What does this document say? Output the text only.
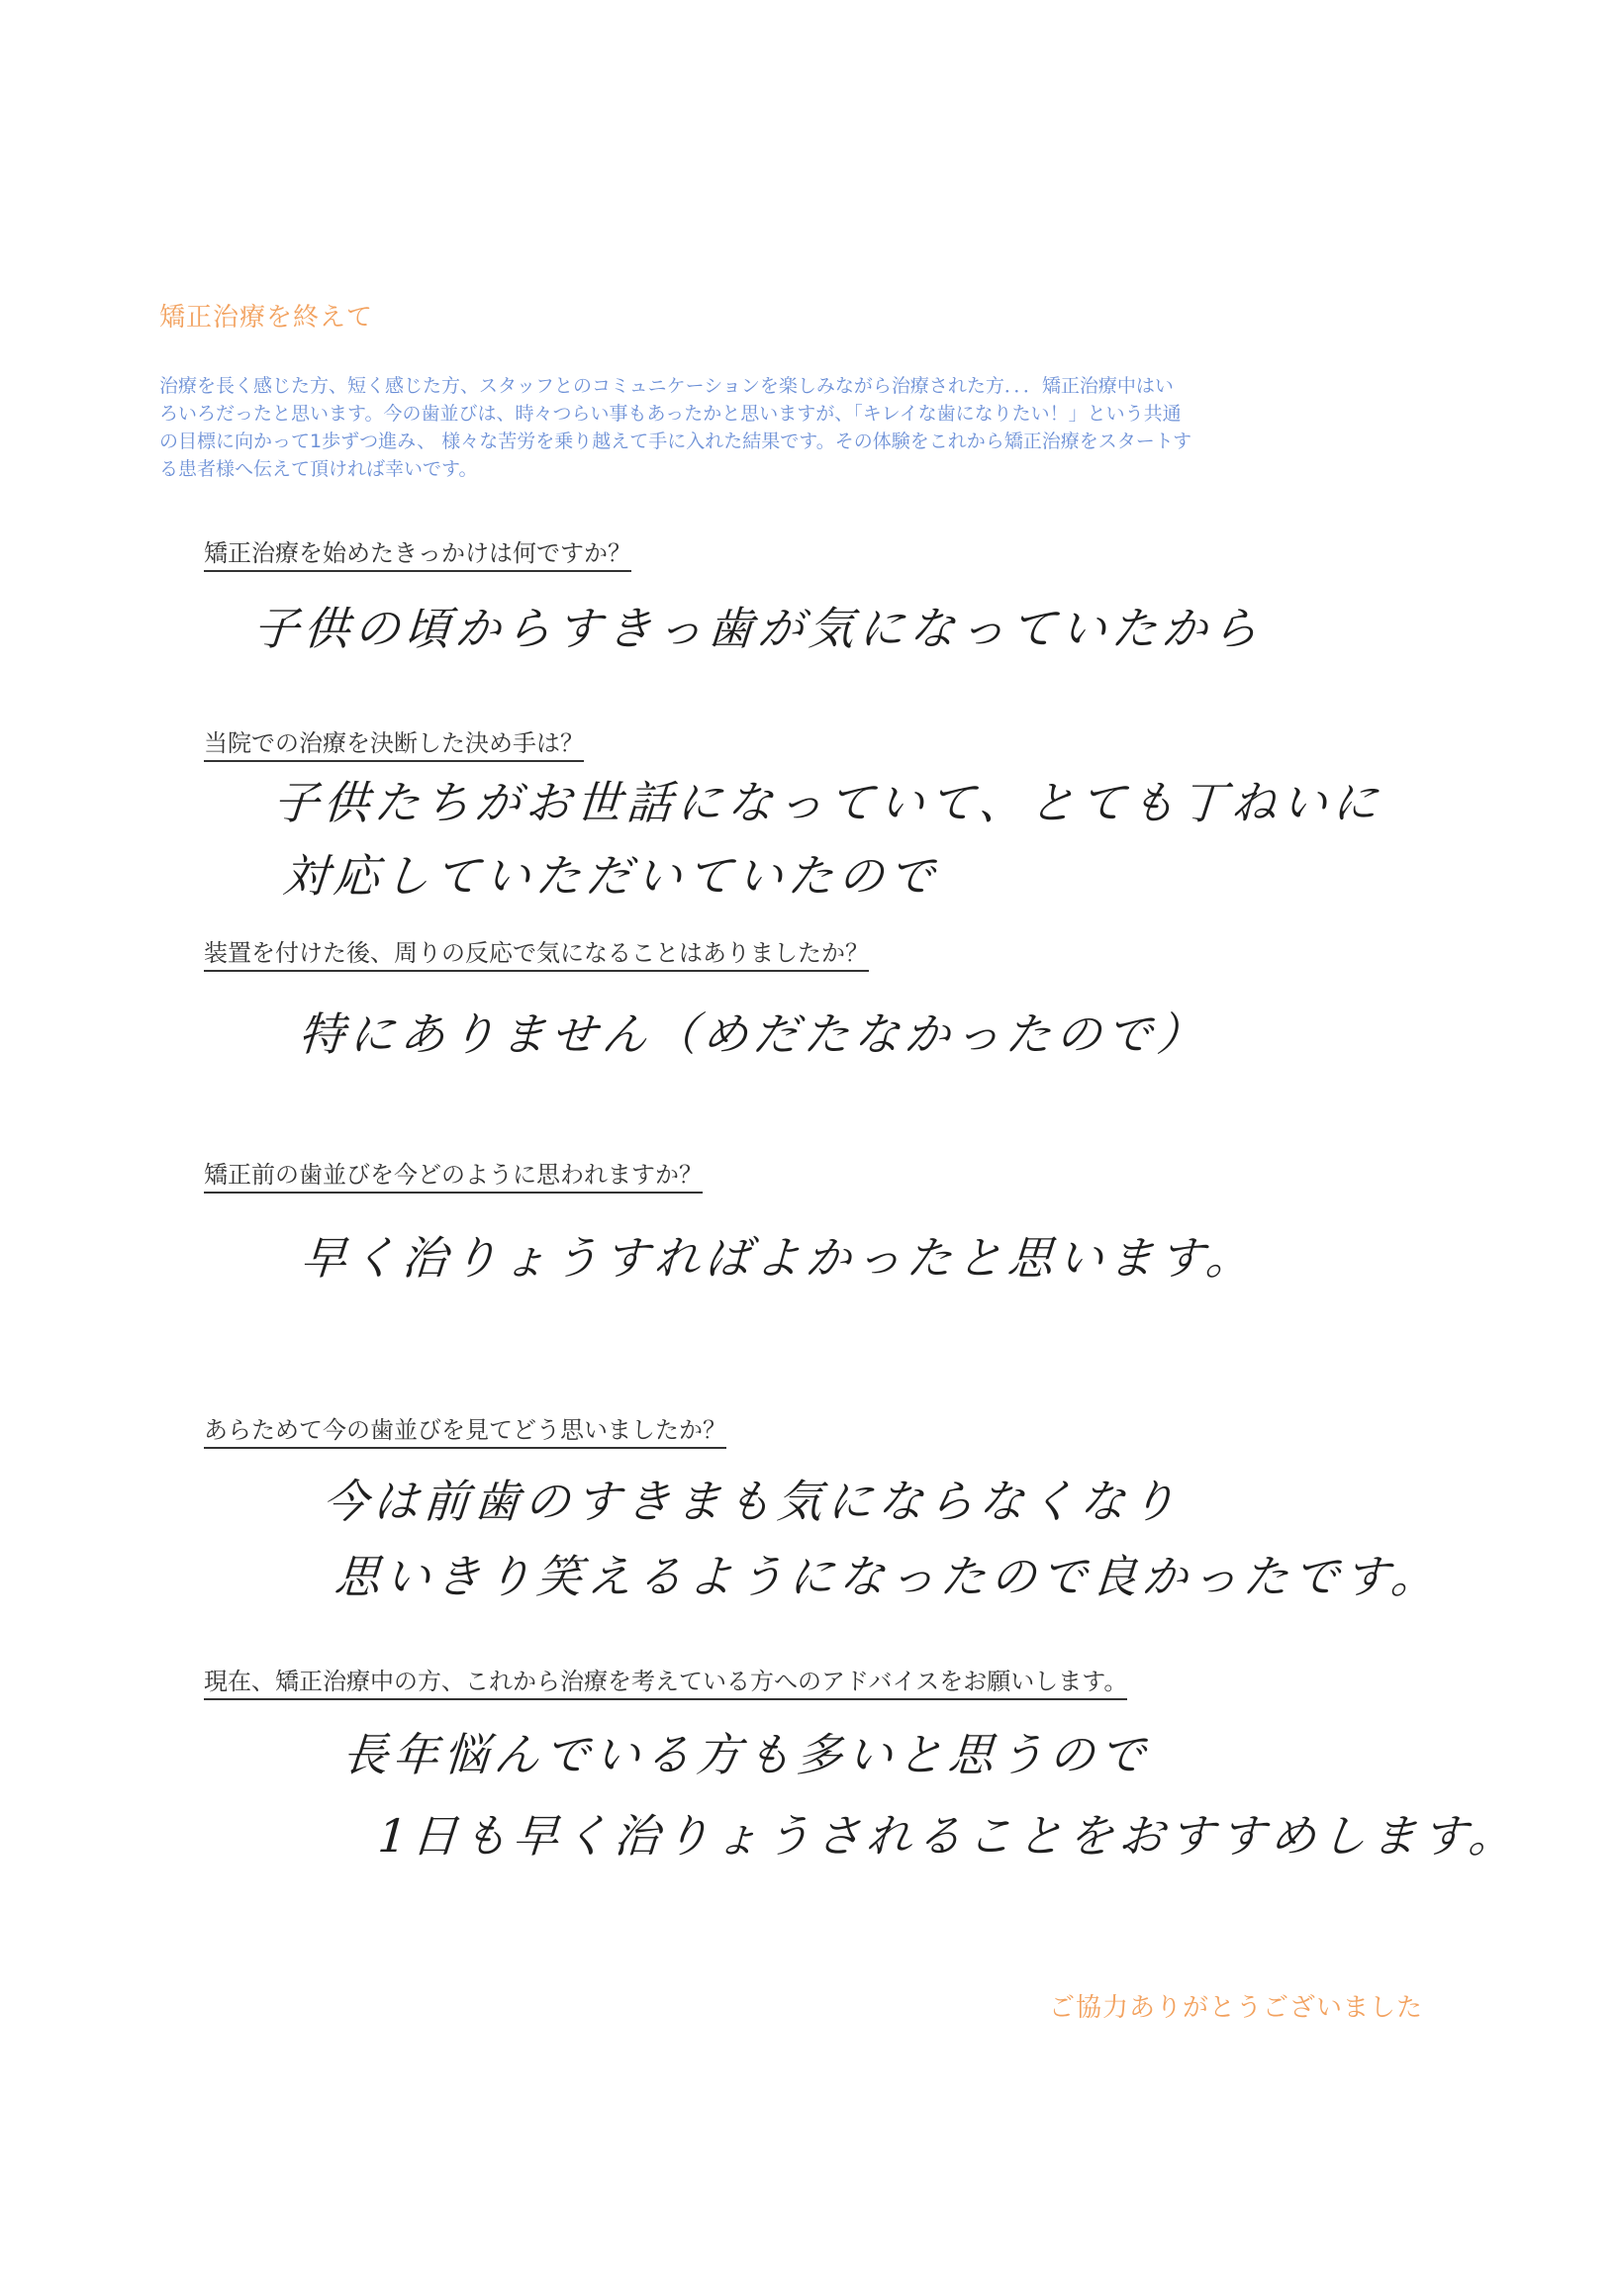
矯正治療を終えて
治療を長く感じた方、短く感じた方、スタッフとのコミュニケーションを楽しみながら治療された方．．．矯正治療中はい
ろいろだったと思います。今の歯並びは、時々つらい事もあったかと思いますが、「キレイな歯になりたい！」という共通
の目標に向かって1歩ずつ進み、 様々な苦労を乗り越えて手に入れた結果です。その体験をこれから矯正治療をスタートす
る患者様へ伝えて頂ければ幸いです。
矯正治療を始めたきっかけは何ですか？
子供の頃からすきっ歯が気になっていたから
当院での治療を決断した決め手は？
子供たちがお世話になっていて、とても丁ねいに
対応していただいていたので
装置を付けた後、周りの反応で気になることはありましたか？
特にありません（めだたなかったので）
矯正前の歯並びを今どのように思われますか？
早く治りょうすればよかったと思います。
あらためて今の歯並びを見てどう思いましたか？
今は前歯のすきまも気にならなくなり
思いきり笑えるようになったので良かったです。
現在、矯正治療中の方、これから治療を考えている方へのアドバイスをお願いします。
長年悩んでいる方も多いと思うので
1日も早く治りょうされることをおすすめします。
ご協力ありがとうございました
